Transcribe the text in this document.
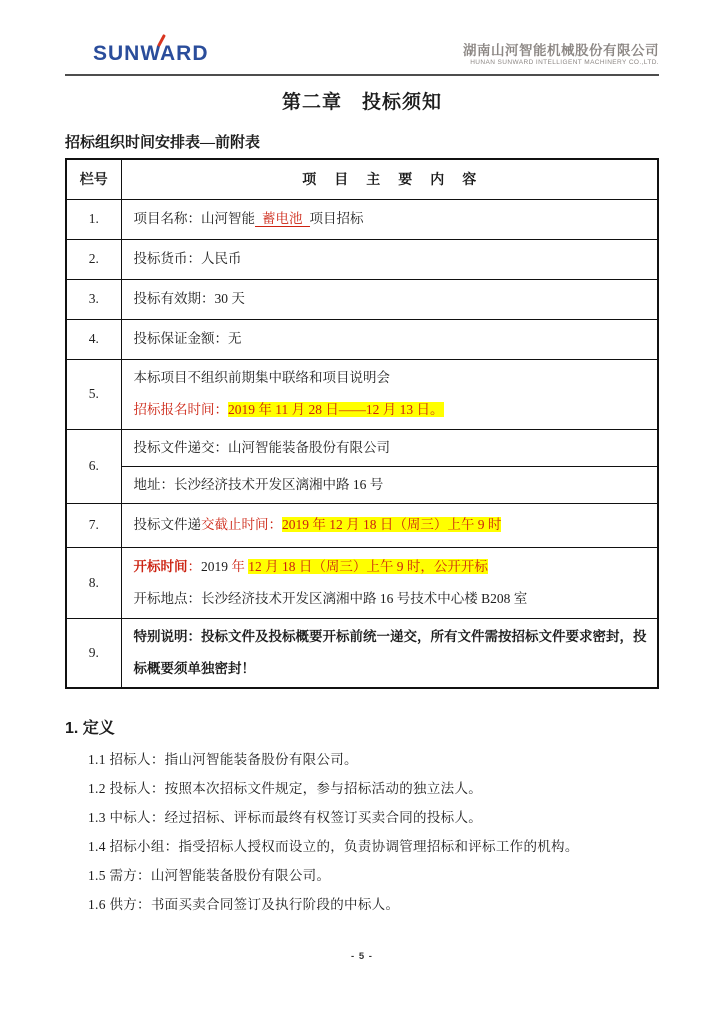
SUNWARD	湖南山河智能机械股份有限公司
HUNAN SUNWARD INTELLIGENT MACHINERY CO.,LTD.
第二章　投标须知
招标组织时间安排表—前附表
栏号	项　目　主　要　内　容
1.	项目名称：山河智能 蓄电池 项目招标

2.	投标货币：人民币

3.	投标有效期：30 天

4.	投标保证金额：无

5.	本标项目不组织前期集中联络和项目说明会
招标报名时间：2019 年 11 月 28 日——12 月 13 日。

6.	投标文件递交：山河智能装备股份有限公司

	地址：长沙经济技术开发区漓湘中路 16 号

7.	投标文件递交截止时间：2019 年 12 月 18 日（周三）上午 9 时

8.	开标时间：2019 年 12 月 18 日（周三）上午 9 时，公开开标
开标地点：长沙经济技术开发区漓湘中路 16 号技术中心楼 B208 室

9.	特别说明：投标文件及投标概要开标前统一递交，所有文件需按招标文件要求密封，投标概要须单独密封！
1. 定义
1.1 招标人：指山河智能装备股份有限公司。
1.2 投标人：按照本次招标文件规定，参与招标活动的独立法人。
1.3 中标人：经过招标、评标而最终有权签订买卖合同的投标人。
1.4 招标小组：指受招标人授权而设立的，负责协调管理招标和评标工作的机构。
1.5 需方：山河智能装备股份有限公司。
1.6 供方：书面买卖合同签订及执行阶段的中标人。
- 5 -
